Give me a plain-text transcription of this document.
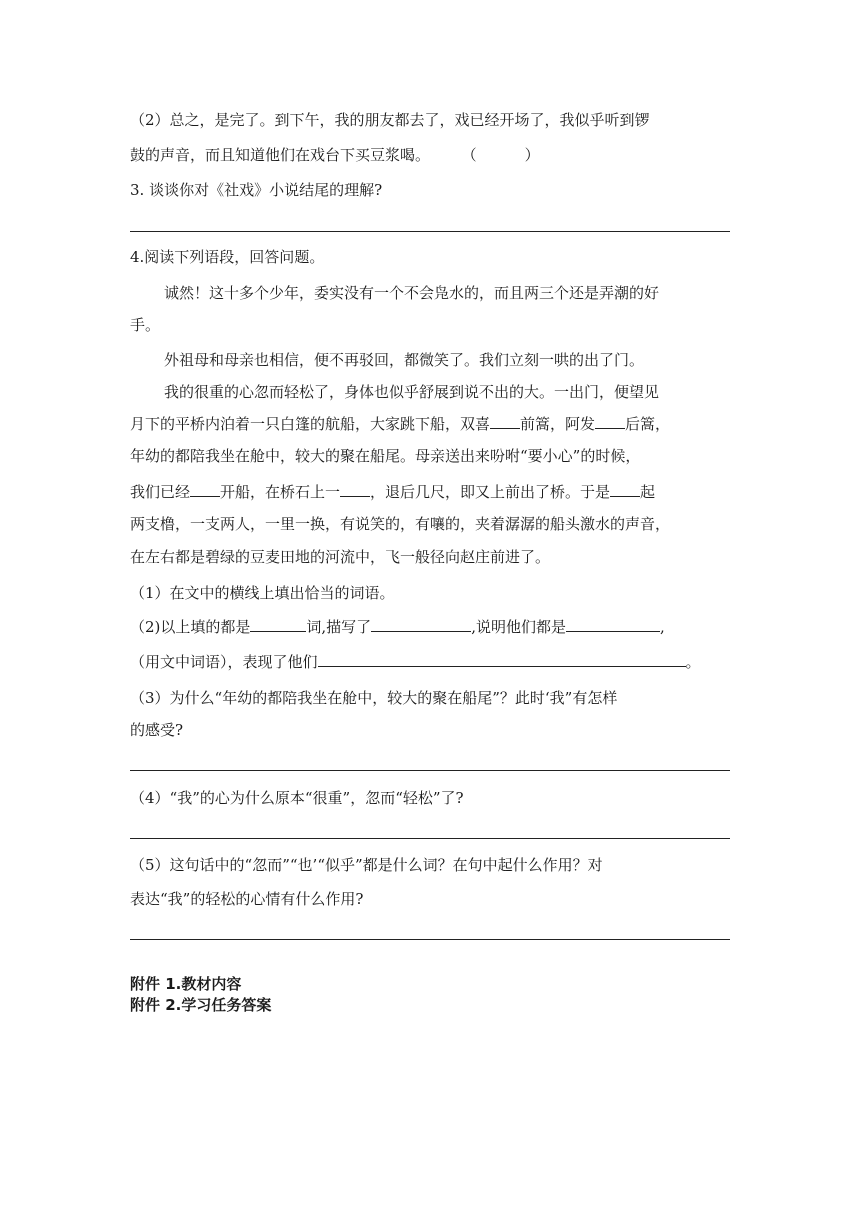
（2）总之，是完了。到下午，我的朋友都去了，戏已经开场了，我似乎听到锣
鼓的声音，而且知道他们在戏台下买豆浆喝。 （	）
3. 谈谈你对《社戏》小说结尾的理解?
4.阅读下列语段，回答问题。
诚然！这十多个少年，委实没有一个不会凫水的，而且两三个还是弄潮的好
手。
外祖母和母亲也相信，便不再驳回，都微笑了。我们立刻一哄的出了门。
我的很重的心忽而轻松了，身体也似乎舒展到说不出的大。一出门，便望见
月下的平桥内泊着一只白篷的航船，大家跳下船，双喜 前篙，阿发 后篙，
年幼的都陪我坐在舱中，较大的聚在船尾。母亲送出来吩咐“要小心”的时候，
我们已经 开船，在桥石上一 ，退后几尺，即又上前出了桥。于是 起
两支橹，一支两人，一里一换，有说笑的，有嚷的，夹着潺潺的船头激水的声音，
在左右都是碧绿的豆麦田地的河流中，飞一般径向赵庄前进了。
（1）在文中的横线上填出恰当的词语。
（2)以上填的都是	词,描写了	,说明他们都是	,
（用文中词语），表现了他们	。
（3）为什么“年幼的都陪我坐在舱中，较大的聚在船尾”？此时‘我”有怎样
的感受?
（4）“我”的心为什么原本“很重”，忽而“轻松”了?
（5）这句话中的“忽而”“也’“似乎”都是什么词？在句中起什么作用？对
表达“我”的轻松的心情有什么作用?
附件 1.教材内容
附件 2.学习任务答案
